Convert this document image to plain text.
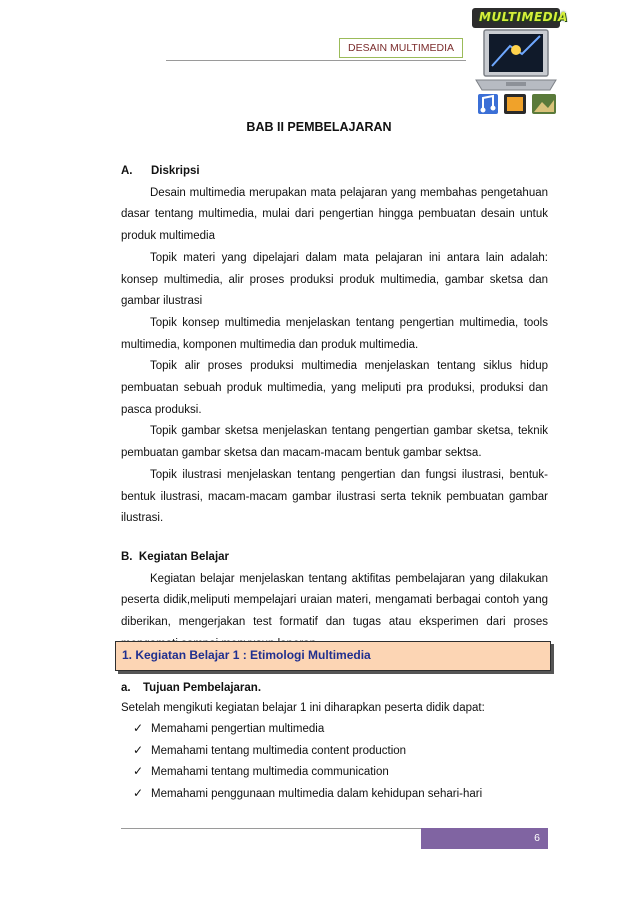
DESAIN MULTIMEDIA
MULTIMEDIA
BAB II PEMBELAJARAN
A. Diskripsi

Desain multimedia merupakan mata pelajaran yang membahas pengetahuan dasar tentang multimedia, mulai dari pengertian hingga pembuatan desain untuk produk multimedia

Topik materi yang dipelajari dalam mata pelajaran ini antara lain adalah: konsep multimedia, alir proses produksi produk multimedia, gambar sketsa dan gambar ilustrasi

Topik konsep multimedia menjelaskan tentang pengertian multimedia, tools multimedia, komponen multimedia dan produk multimedia.

Topik alir proses produksi multimedia menjelaskan tentang siklus hidup pembuatan sebuah produk multimedia, yang meliputi pra produksi, produksi dan pasca produksi.

Topik gambar sketsa menjelaskan tentang pengertian gambar sketsa, teknik pembuatan gambar sketsa dan macam-macam bentuk gambar sektsa.

Topik ilustrasi menjelaskan tentang pengertian dan fungsi ilustrasi, bentuk-bentuk ilustrasi, macam-macam gambar ilustrasi serta teknik pembuatan gambar ilustrasi.

B. Kegiatan Belajar

Kegiatan belajar menjelaskan tentang aktifitas pembelajaran yang dilakukan peserta didik,meliputi mempelajari uraian materi, mengamati berbagai contoh yang diberikan, mengerjakan test formatif dan tugas atau eksperimen dari proses

1. Kegiatan Belajar 1 : Etimologi Multimedia
a. Tujuan Pembelajaran.
Setelah mengikuti kegiatan belajar 1 ini diharapkan peserta didik dapat:
✓ Memahami pengertian multimedia
✓ Memahami tentang multimedia content production
✓ Memahami tentang multimedia communication
✓ Memahami penggunaan multimedia dalam kehidupan sehari-hari
6
